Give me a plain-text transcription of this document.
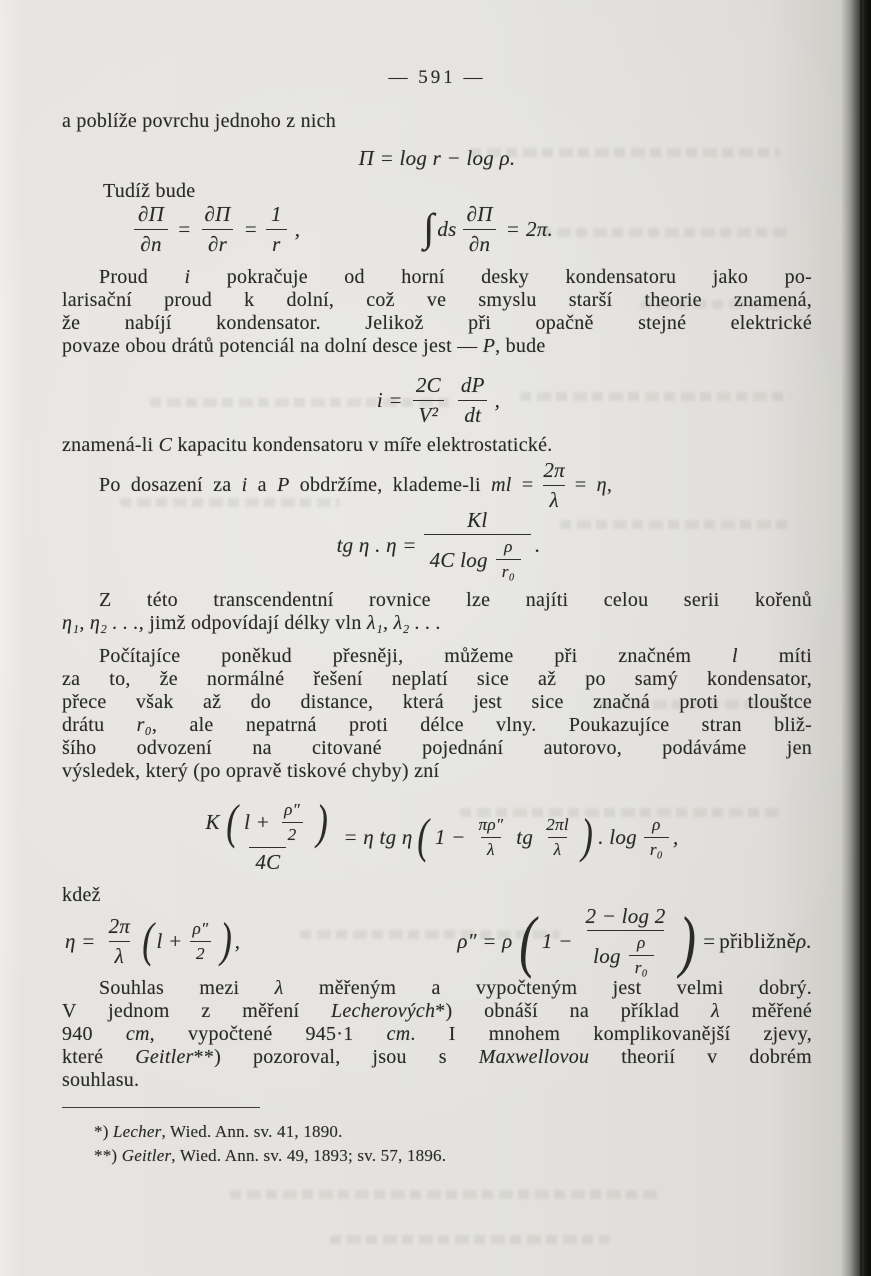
— 591 —
a poblíže povrchu jednoho z nich
Π = log r − log ρ.
Tudíž bude
$\frac{\partial\Pi}{\partial n} = \frac{\partial\Pi}{\partial r} = \frac{1}{r}$ ,	∫ ds $\frac{\partial\Pi}{\partial n} = 2\pi$.
Proud i pokračuje od horní desky kondensatoru jako po-
larisační proud k dolní, což ve smyslu starší theorie znamená,
že nabíjí kondensator. Jelikož při opačně stejné elektrické
povaze obou drátů potenciál na dolní desce jest — P, bude
$i = \frac{2C}{\text{V²}}$ dP
dt
,
znamená-li C kapacitu kondensatoru v míře elektrostatické.
Po dosazení za i a P obdržíme, klademe-li ml = $\frac{2\pi}{\lambda} = \eta$,
tg η . η = Kl
4C log
ρ
r₀ .
Z této transcendentní rovnice lze najíti celou serii kořenů
η₁, η₂ . . ., jimž odpovídají délky vln λ₁, λ₂ . . .
Počítajíce poněkud přesněji, můžeme při značném l míti
za to, že normálné řešení neplatí sice až po samý kondensator,
přece však až do distance, která jest sice značná proti tlouštce
drátu r₀, ale nepatrná proti délce vlny. Poukazujíce stran bliž-
šího odvození na citované pojednání autorovo, podáváme jen
výsledek, který (po opravě tiskové chyby) zní
$\frac{K ( l + \frac{\rho''}{2} )}{4C} = \eta$ tg η ( $1 - \frac{\pi\rho''}{\lambda}$ tg
2πl
λ ) . log
ρ
r₀
,
kdež
$\eta = \frac{2\pi}{\lambda}$ ( $l + \frac{\rho''}{2}$ ) ,	ρ″ = ρ ( 1 − 2 − log 2
log
ρ
r₀ ) = přibližně ρ.
Souhlas mezi λ měřeným a vypočteným jest velmi dobrý.
V jednom z měření Lecherových*) obnáší na příklad λ měřené
940 cm, vypočtené 945·1 cm. I mnohem komplikovanější zjevy,
které Geitler**) pozoroval, jsou s Maxwellovou theorií v dobrém
souhlasu.
*) Lecher, Wied. Ann. sv. 41, 1890.
**) Geitler, Wied. Ann. sv. 49, 1893; sv. 57, 1896.
